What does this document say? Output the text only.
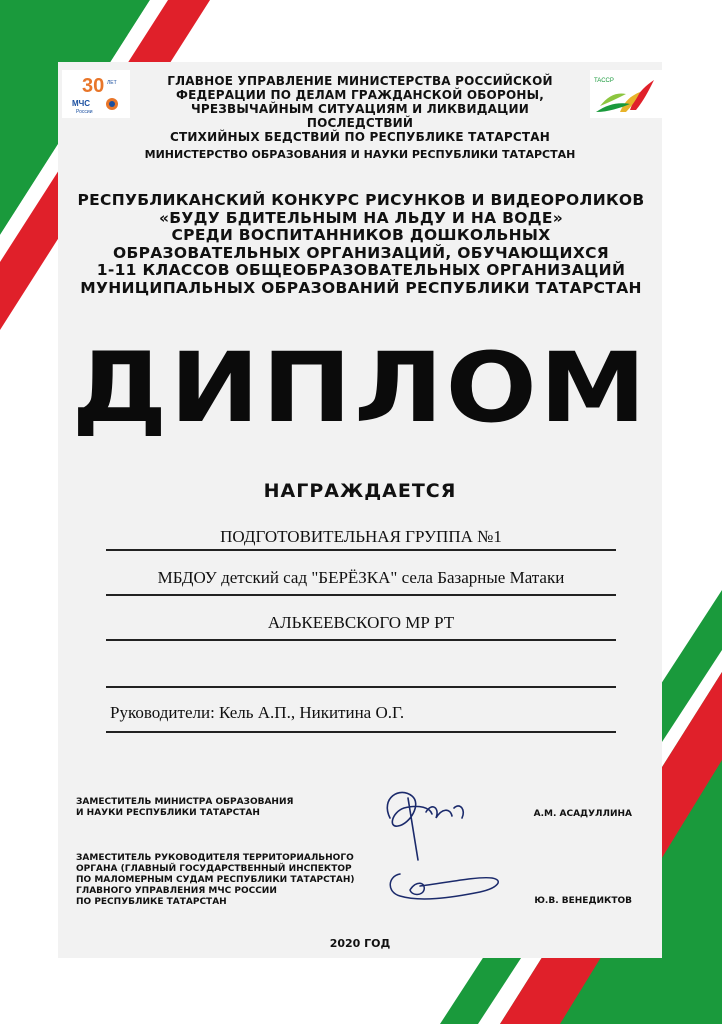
30 ЛЕТ
МЧС
России
TACCP
ГЛАВНОЕ УПРАВЛЕНИЕ МИНИСТЕРСТВА РОССИЙСКОЙ
ФЕДЕРАЦИИ ПО ДЕЛАМ ГРАЖДАНСКОЙ ОБОРОНЫ,
ЧРЕЗВЫЧАЙНЫМ СИТУАЦИЯМ И ЛИКВИДАЦИИ ПОСЛЕДСТВИЙ
СТИХИЙНЫХ БЕДСТВИЙ ПО РЕСПУБЛИКЕ ТАТАРСТАН
МИНИСТЕРСТВО ОБРАЗОВАНИЯ И НАУКИ РЕСПУБЛИКИ ТАТАРСТАН
РЕСПУБЛИКАНСКИЙ КОНКУРС РИСУНКОВ И ВИДЕОРОЛИКОВ
«БУДУ БДИТЕЛЬНЫМ НА ЛЬДУ И НА ВОДЕ»
СРЕДИ ВОСПИТАННИКОВ ДОШКОЛЬНЫХ
ОБРАЗОВАТЕЛЬНЫХ ОРГАНИЗАЦИЙ, ОБУЧАЮЩИХСЯ
1-11 КЛАССОВ ОБЩЕОБРАЗОВАТЕЛЬНЫХ ОРГАНИЗАЦИЙ
МУНИЦИПАЛЬНЫХ ОБРАЗОВАНИЙ РЕСПУБЛИКИ ТАТАРСТАН
ДИПЛОМ
НАГРАЖДАЕТСЯ
ПОДГОТОВИТЕЛЬНАЯ ГРУППА №1
МБДОУ детский сад "БЕРЁЗКА" села Базарные Матаки
АЛЬКЕЕВСКОГО МР РТ
Руководители: Кель А.П., Никитина О.Г.
ЗАМЕСТИТЕЛЬ МИНИСТРА ОБРАЗОВАНИЯ
И НАУКИ РЕСПУБЛИКИ ТАТАРСТАН	А.М. АСАДУЛЛИНА
ЗАМЕСТИТЕЛЬ РУКОВОДИТЕЛЯ ТЕРРИТОРИАЛЬНОГО
ОРГАНА (ГЛАВНЫЙ ГОСУДАРСТВЕННЫЙ ИНСПЕКТОР
ПО МАЛОМЕРНЫМ СУДАМ РЕСПУБЛИКИ ТАТАРСТАН)
ГЛАВНОГО УПРАВЛЕНИЯ МЧС РОССИИ
ПО РЕСПУБЛИКЕ ТАТАРСТАН	Ю.В. ВЕНЕДИКТОВ
2020 ГОД
